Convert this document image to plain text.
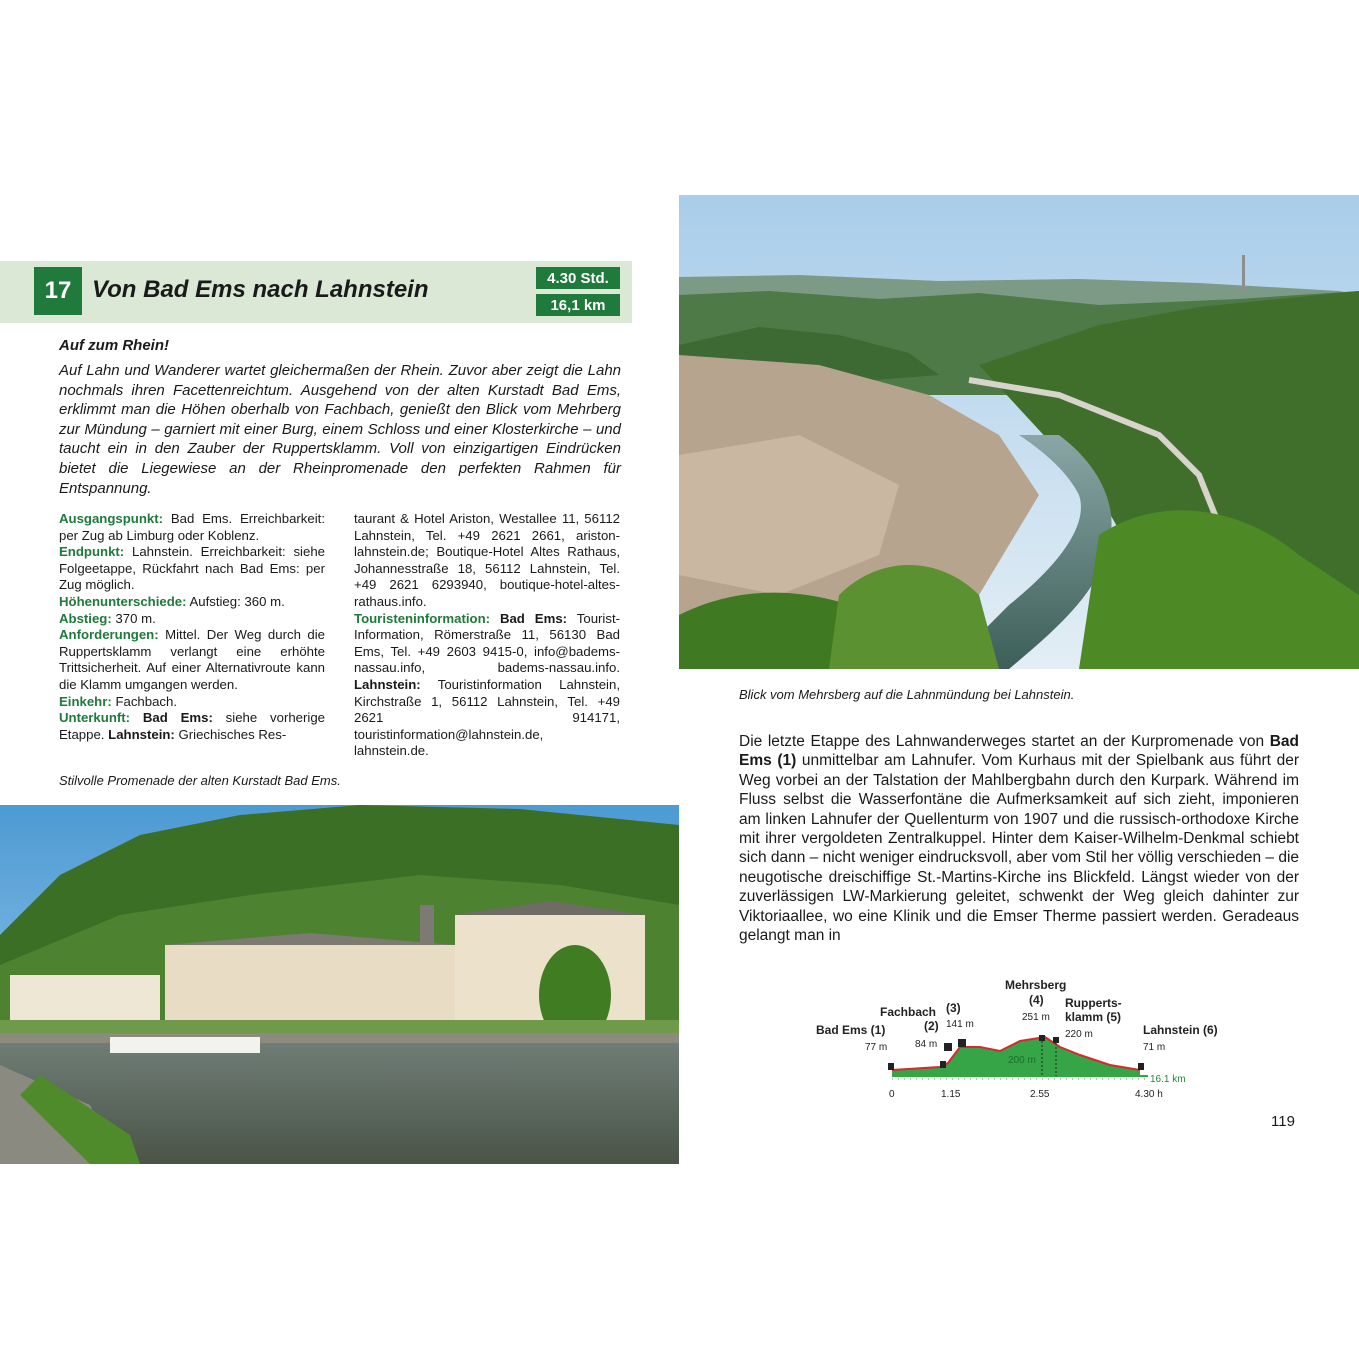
17 Von Bad Ems nach Lahnstein	4.30 Std.
16,1 km
Auf zum Rhein!

Auf Lahn und Wanderer wartet gleichermaßen der Rhein. Zuvor aber zeigt die Lahn nochmals ihren Facettenreichtum. Ausgehend von der alten Kurstadt Bad Ems, erklimmt man die Höhen oberhalb von Fachbach, genießt den Blick vom Mehrberg zur Mündung – garniert mit einer Burg, einem Schloss und einer Klosterkirche – und taucht ein in den Zauber der Ruppertsklamm. Voll von einzigartigen Eindrücken bietet die Liegewiese an der Rheinpromenade den perfekten Rahmen für Entspannung.

Ausgangspunkt: Bad Ems. Erreichbarkeit: per Zug ab Limburg oder Koblenz.
Endpunkt: Lahnstein. Erreichbarkeit: siehe Folgeetappe, Rückfahrt nach Bad Ems: per Zug möglich.
Höhenunterschiede: Aufstieg: 360 m.
Abstieg: 370 m.
Anforderungen: Mittel. Der Weg durch die Ruppertsklamm verlangt eine erhöhte Trittsicherheit. Auf einer Alternativroute kann die Klamm umgangen werden.
Einkehr: Fachbach.
Unterkunft: Bad Ems: siehe vorherige Etappe. Lahnstein: Griechisches Res-

taurant & Hotel Ariston, Westallee 11, 56112 Lahnstein, Tel. +49 2621 2661, ariston-lahnstein.de; Boutique-Hotel Altes Rathaus, Johannesstraße 18, 56112 Lahnstein, Tel. +49 2621 6293940, boutique-hotel-altes-rathaus.info.
Touristeninformation: Bad Ems: Tourist-Information, Römerstraße 11, 56130 Bad Ems, Tel. +49 2603 9415-0, info@badems-nassau.info, badems-nassau.info. Lahnstein: Touristinformation Lahnstein, Kirchstraße 1, 56112 Lahnstein, Tel. +49 2621 914171, touristinformation@lahnstein.de, lahnstein.de.

Stilvolle Promenade der alten Kurstadt Bad Ems.
Blick vom Mehrsberg auf die Lahnmündung bei Lahnstein.

Die letzte Etappe des Lahnwanderweges startet an der Kurpromenade von Bad Ems (1) unmittelbar am Lahnufer. Vom Kurhaus mit der Spielbank aus führt der Weg vorbei an der Talstation der Mahlbergbahn durch den Kurpark. Während im Fluss selbst die Wasserfontäne die Aufmerksamkeit auf sich zieht, imponieren am linken Lahnufer der Quellenturm von 1907 und die russisch-orthodoxe Kirche mit ihrer vergoldeten Zentralkuppel. Hinter dem Kaiser-Wilhelm-Denkmal schiebt sich dann – nicht weniger eindrucksvoll, aber vom Stil her völlig verschieden – die neugotische dreischiffige St.-Martins-Kirche ins Blickfeld. Längst wieder von der zuverlässigen LW-Markierung geleitet, schwenkt der Weg gleich dahinter zur Viktoriaallee, wo eine Klinik und die Emser Therme passiert werden. Geradeaus gelangt man in

Bad Ems (1)
77 m
Fachbach
(2)
84 m
(3)
141 m
Mehrsberg
(4)
251 m
Rupperts-
klamm (5)
220 m	Lahnstein (6)
71 m
200 m
16.1 km
0	1.15	2.55	4.30 h
119
